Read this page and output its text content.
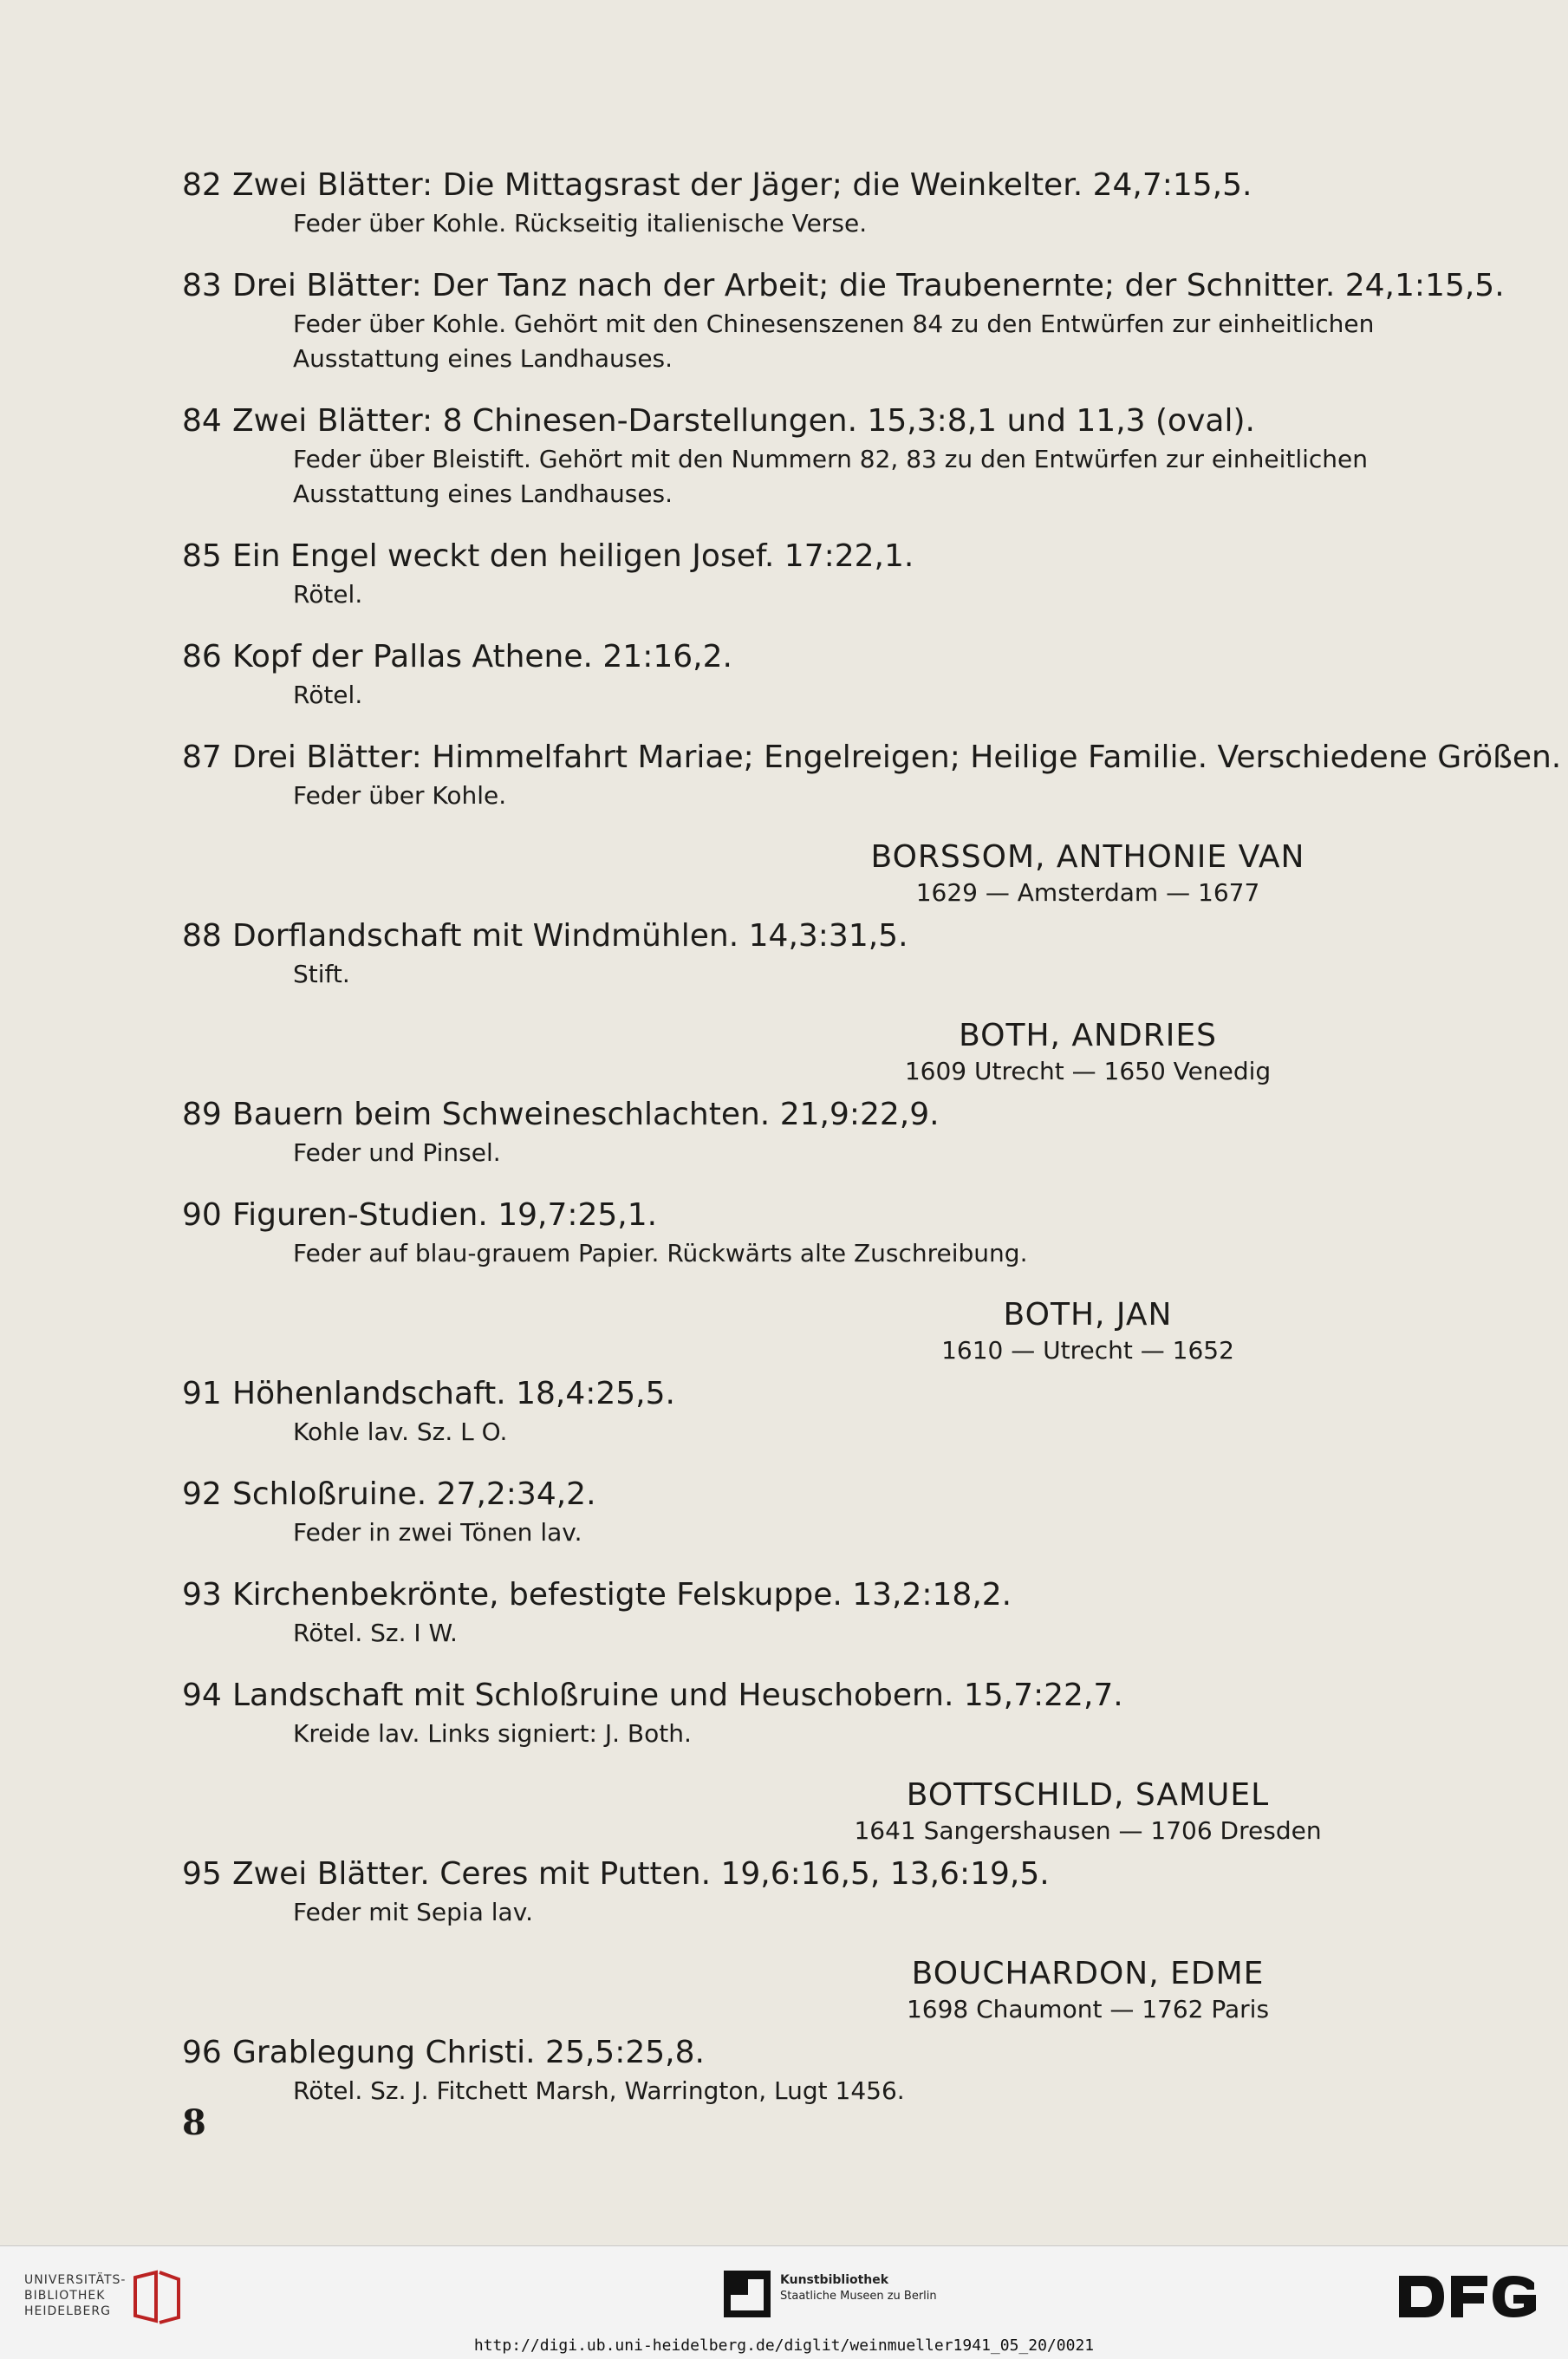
82 Zwei Blätter: Die Mittagsrast der Jäger; die Weinkelter. 24,7:15,5.
Feder über Kohle. Rückseitig italienische Verse.
83 Drei Blätter: Der Tanz nach der Arbeit; die Traubenernte; der Schnitter. 24,1:15,5.
Feder über Kohle. Gehört mit den Chinesenszenen 84 zu den Entwürfen zur einheitlichen Ausstattung eines Landhauses.
84 Zwei Blätter: 8 Chinesen-Darstellungen. 15,3:8,1 und 11,3 (oval).
Feder über Bleistift. Gehört mit den Nummern 82, 83 zu den Entwürfen zur einheitlichen Ausstattung eines Landhauses.
85 Ein Engel weckt den heiligen Josef. 17:22,1.
Rötel.
86 Kopf der Pallas Athene. 21:16,2.
Rötel.
87 Drei Blätter: Himmelfahrt Mariae; Engelreigen; Heilige Familie. Verschiedene Größen.
Feder über Kohle.
BORSSOM, ANTHONIE VAN
1629 — Amsterdam — 1677
88 Dorflandschaft mit Windmühlen. 14,3:31,5.
Stift.
BOTH, ANDRIES
1609 Utrecht — 1650 Venedig
89 Bauern beim Schweineschlachten. 21,9:22,9.
Feder und Pinsel.
90 Figuren-Studien. 19,7:25,1.
Feder auf blau-grauem Papier. Rückwärts alte Zuschreibung.
BOTH, JAN
1610 — Utrecht — 1652
91 Höhenlandschaft. 18,4:25,5.
Kohle lav. Sz. L O.
92 Schloßruine. 27,2:34,2.
Feder in zwei Tönen lav.
93 Kirchenbekrönte, befestigte Felskuppe. 13,2:18,2.
Rötel. Sz. I W.
94 Landschaft mit Schloßruine und Heuschobern. 15,7:22,7.
Kreide lav. Links signiert: J. Both.
BOTTSCHILD, SAMUEL
1641 Sangershausen — 1706 Dresden
95 Zwei Blätter. Ceres mit Putten. 19,6:16,5, 13,6:19,5.
Feder mit Sepia lav.
BOUCHARDON, EDME
1698 Chaumont — 1762 Paris
96 Grablegung Christi. 25,5:25,8.
Rötel. Sz. J. Fitchett Marsh, Warrington, Lugt 1456.
8
UNIVERSITÄTS-
BIBLIOTHEK
HEIDELBERG
Kunstbibliothek
Staatliche Museen zu Berlin
http://digi.ub.uni-heidelberg.de/diglit/weinmueller1941_05_20/0021
